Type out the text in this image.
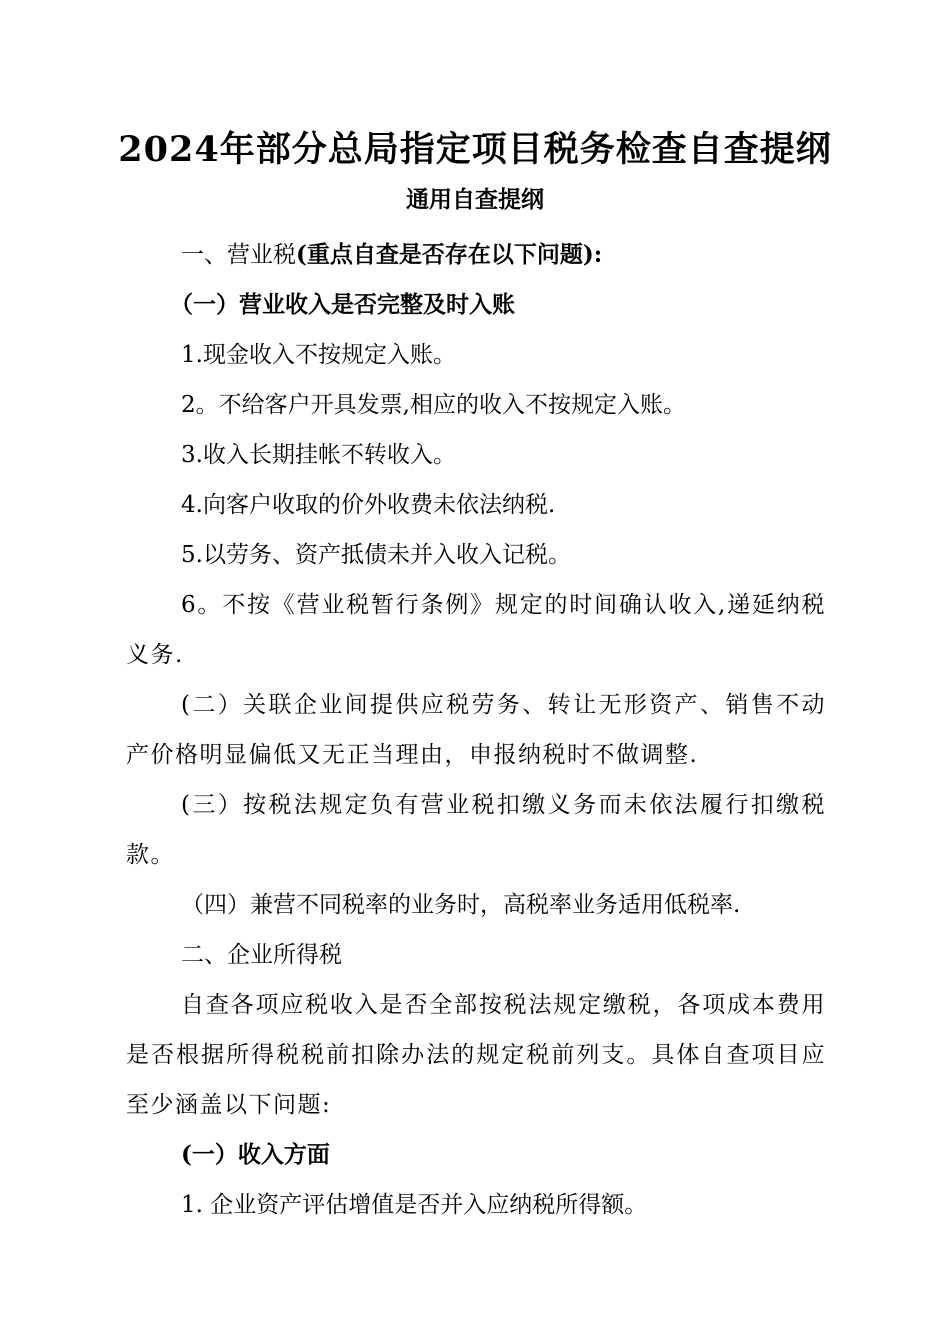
2024年部分总局指定项目税务检查自查提纲
通用自查提纲

一、营业税(重点自查是否存在以下问题):

（一）营业收入是否完整及时入账

1.现金收入不按规定入账。

2。不给客户开具发票,相应的收入不按规定入账。

3.收入长期挂帐不转收入。

4.向客户收取的价外收费未依法纳税.

5.以劳务、资产抵债未并入收入记税。

6。不按《营业税暂行条例》规定的时间确认收入,递延纳税义务.

(二）关联企业间提供应税劳务、转让无形资产、销售不动产价格明显偏低又无正当理由，申报纳税时不做调整.

(三）按税法规定负有营业税扣缴义务而未依法履行扣缴税款。

（四）兼营不同税率的业务时，高税率业务适用低税率.

二、企业所得税

自查各项应税收入是否全部按税法规定缴税，各项成本费用是否根据所得税税前扣除办法的规定税前列支。具体自查项目应至少涵盖以下问题:

(一）收入方面

1. 企业资产评估增值是否并入应纳税所得额。
